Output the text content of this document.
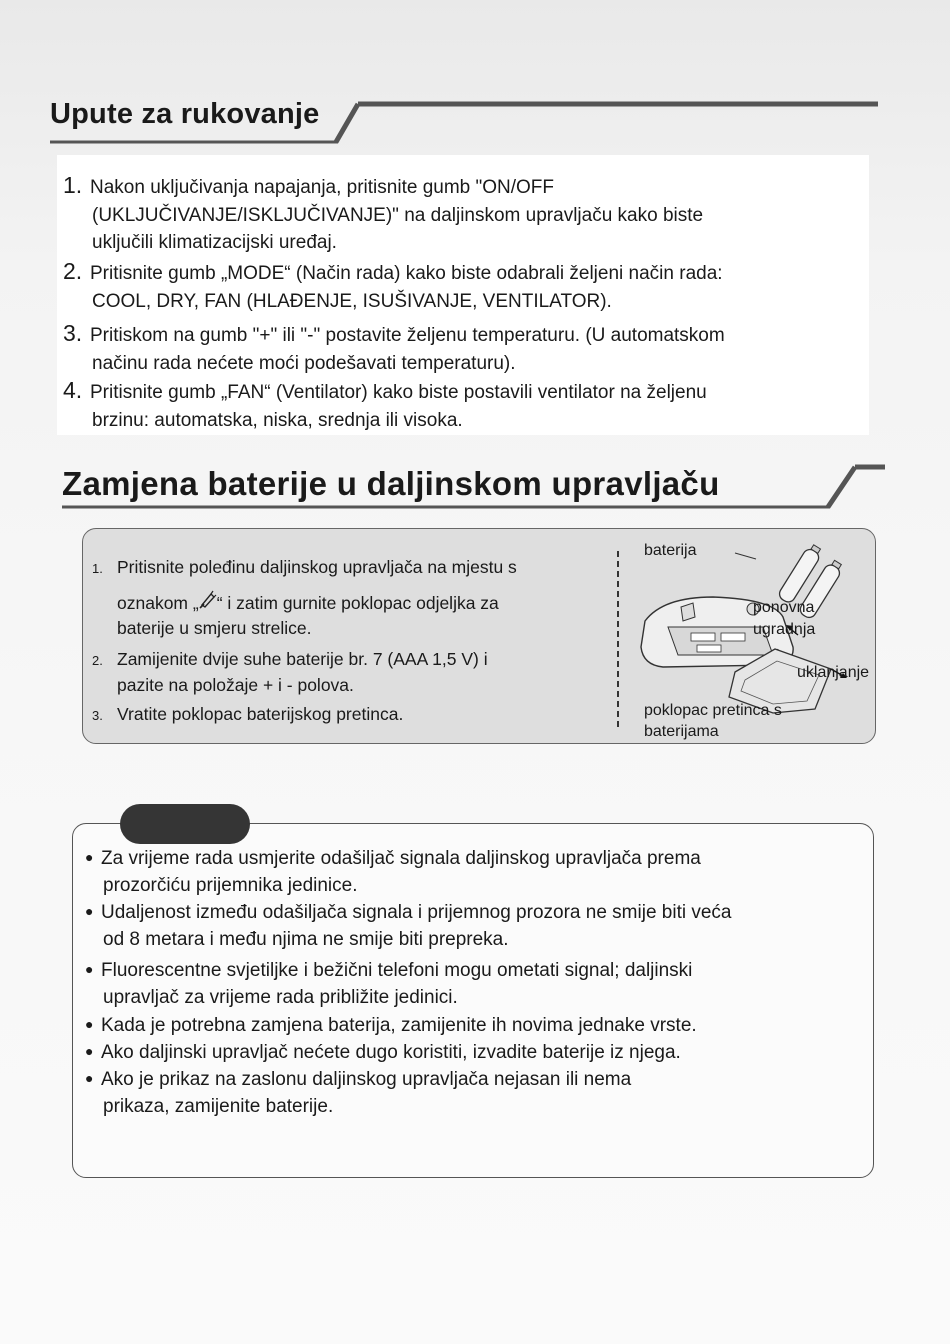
Upute za rukovanje
1. Nakon uključivanja napajanja, pritisnite gumb "ON/OFF
(UKLJUČIVANJE/ISKLJUČIVANJE)" na daljinskom upravljaču kako biste
uključili klimatizacijski uređaj.
2. Pritisnite gumb „MODE“ (Način rada) kako biste odabrali željeni način rada:
COOL, DRY, FAN (HLAĐENJE, ISUŠIVANJE, VENTILATOR).
3. Pritiskom na gumb "+" ili "-" postavite željenu temperaturu. (U automatskom
načinu rada nećete moći podešavati temperaturu).
4. Pritisnite gumb „FAN“ (Ventilator) kako biste postavili ventilator na željenu
brzinu: automatska, niska, srednja ili visoka.
Zamjena baterije u daljinskom upravljaču
1. Pritisnite poleđinu daljinskog upravljača na mjestu s
oznakom „ “ i zatim gurnite poklopac odjeljka za
baterije u smjeru strelice.
2. Zamijenite dvije suhe baterije br. 7 (AAA 1,5 V) i
pazite na položaje + i - polova.
3. Vratite poklopac baterijskog pretinca.
baterija
ponovna
ugradnja
uklanjanje
poklopac pretinca s
baterijama
● Za vrijeme rada usmjerite odašiljač signala daljinskog upravljača prema
prozorčiću prijemnika jedinice.
● Udaljenost između odašiljača signala i prijemnog prozora ne smije biti veća
od 8 metara i među njima ne smije biti prepreka.
● Fluorescentne svjetiljke i bežični telefoni mogu ometati signal; daljinski
upravljač za vrijeme rada približite jedinici.
● Kada je potrebna zamjena baterija, zamijenite ih novima jednake vrste.
● Ako daljinski upravljač nećete dugo koristiti, izvadite baterije iz njega.
● Ako je prikaz na zaslonu daljinskog upravljača nejasan ili nema
prikaza, zamijenite baterije.
